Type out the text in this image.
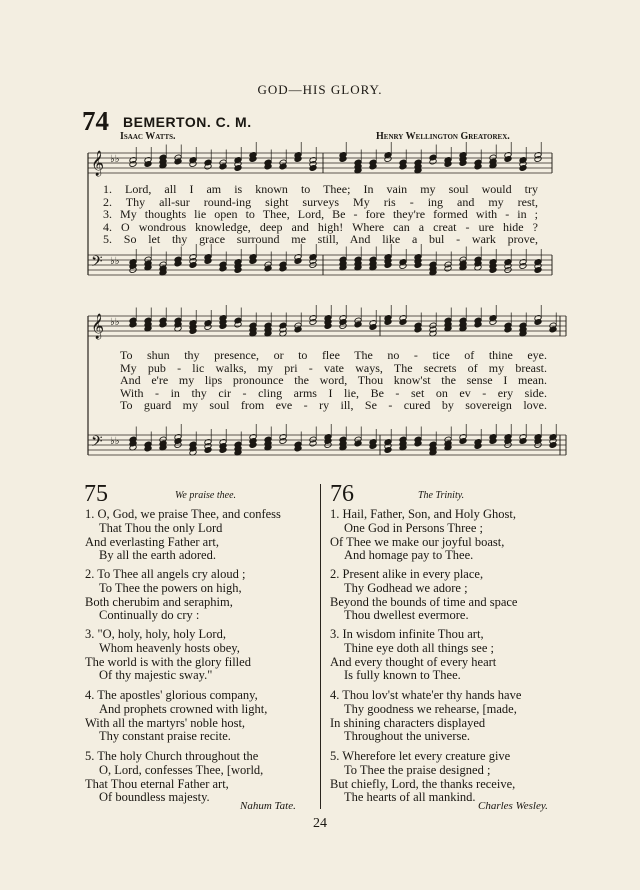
GOD—HIS GLORY.
74 BEMERTON. C. M.
Isaac Watts.	Henry Wellington Greatorex.
𝄞 ♭♭
𝄢 ♭♭
𝄞 ♭♭
𝄢 ♭♭
1. Lord, all I am is known to Thee; In vain my soul would try
2. Thy all-sur round-ing sight surveys My ris - ing and my rest,
3. My thoughts lie open to Thee, Lord, Be - fore they're formed with - in ;
4. O wondrous knowledge, deep and high! Where can a creat - ure hide ?
5. So let thy grace surround me still, And like a bul - wark prove,
To shun thy presence, or to flee The no - tice of thine eye.
My pub - lic walks, my pri - vate ways, The secrets of my breast.
And e're my lips pronounce the word, Thou know'st the sense I mean.
With - in thy cir - cling arms I lie, Be - set on ev - ery side.
To guard my soul from eve - ry ill, Se - cured by sovereign love.
75	We praise thee.	76	The Trinity.
1. O, God, we praise Thee, and confess
That Thou the only Lord
And everlasting Father art,
By all the earth adored.
2. To Thee all angels cry aloud ;
To Thee the powers on high,
Both cherubim and seraphim,
Continually do cry :
3. "O, holy, holy, holy Lord,
Whom heavenly hosts obey,
The world is with the glory filled
Of thy majestic sway."
4. The apostles' glorious company,
And prophets crowned with light,
With all the martyrs' noble host,
Thy constant praise recite.
5. The holy Church throughout the
O, Lord, confesses Thee, [world,
That Thou eternal Father art,
Of boundless majesty.
1. Hail, Father, Son, and Holy Ghost,
One God in Persons Three ;
Of Thee we make our joyful boast,
And homage pay to Thee.
2. Present alike in every place,
Thy Godhead we adore ;
Beyond the bounds of time and space
Thou dwellest evermore.
3. In wisdom infinite Thou art,
Thine eye doth all things see ;
And every thought of every heart
Is fully known to Thee.
4. Thou lov'st whate'er thy hands have
Thy goodness we rehearse, [made,
In shining characters displayed
Throughout the universe.
5. Wherefore let every creature give
To Thee the praise designed ;
But chiefly, Lord, the thanks receive,
The hearts of all mankind.
Nahum Tate.	Charles Wesley.
24
